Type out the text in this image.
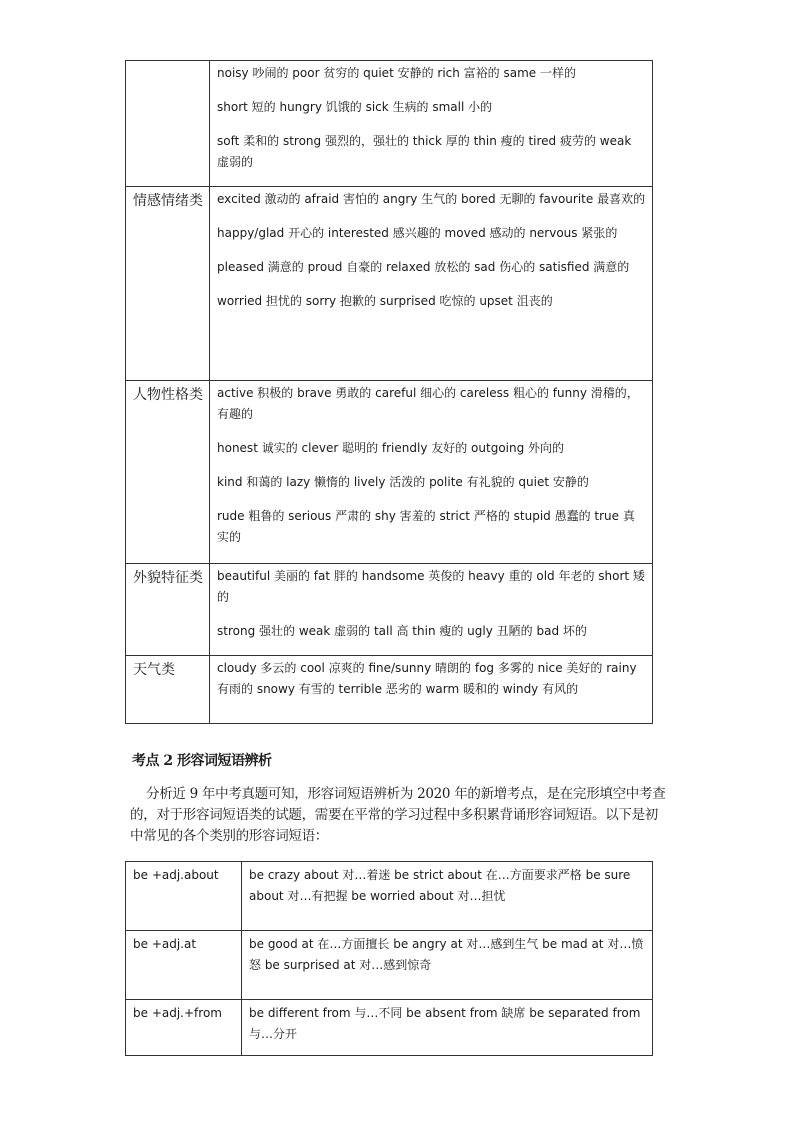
	noisy 吵闹的 poor 贫穷的 quiet 安静的 rich 富裕的 same 一样的

short 短的 hungry 饥饿的 sick 生病的 small 小的

soft 柔和的 strong 强烈的，强壮的 thick 厚的 thin 瘦的 tired 疲劳的 weak 虚弱的

情感情绪类	excited 激动的 afraid 害怕的 angry 生气的 bored 无聊的 favourite 最喜欢的

happy/glad 开心的 interested 感兴趣的 moved 感动的 nervous 紧张的

pleased 满意的 proud 自豪的 relaxed 放松的 sad 伤心的 satisfied 满意的

worried 担忧的 sorry 抱歉的 surprised 吃惊的 upset 沮丧的

人物性格类	active 积极的 brave 勇敢的 careful 细心的 careless 粗心的 funny 滑稽的，有趣的

honest 诚实的 clever 聪明的 friendly 友好的 outgoing 外向的

kind 和蔼的 lazy 懒惰的 lively 活泼的 polite 有礼貌的 quiet 安静的

rude 粗鲁的 serious 严肃的 shy 害羞的 strict 严格的 stupid 愚蠢的 true 真实的

外貌特征类	beautiful 美丽的 fat 胖的 handsome 英俊的 heavy 重的 old 年老的 short 矮的

strong 强壮的 weak 虚弱的 tall 高 thin 瘦的 ugly 丑陋的 bad 坏的

天气类	cloudy 多云的 cool 凉爽的 fine/sunny 晴朗的 fog 多雾的 nice 美好的 rainy 有雨的 snowy 有雪的 terrible 恶劣的 warm 暖和的 windy 有风的

考点 2 形容词短语辨析

分析近 9 年中考真题可知，形容词短语辨析为 2020 年的新增考点，是在完形填空中考查的，对于形容词短语类的试题，需要在平常的学习过程中多积累背诵形容词短语。以下是初中常见的各个类别的形容词短语：

be +adj.about	be crazy about 对…着迷 be strict about 在…方面要求严格 be sure about 对…有把握 be worried about 对…担忧
be +adj.at	be good at 在…方面擅长 be angry at 对…感到生气 be mad at 对…愤怒 be surprised at 对…感到惊奇
be +adj.+from	be different from 与…不同 be absent from 缺席 be separated from 与…分开
